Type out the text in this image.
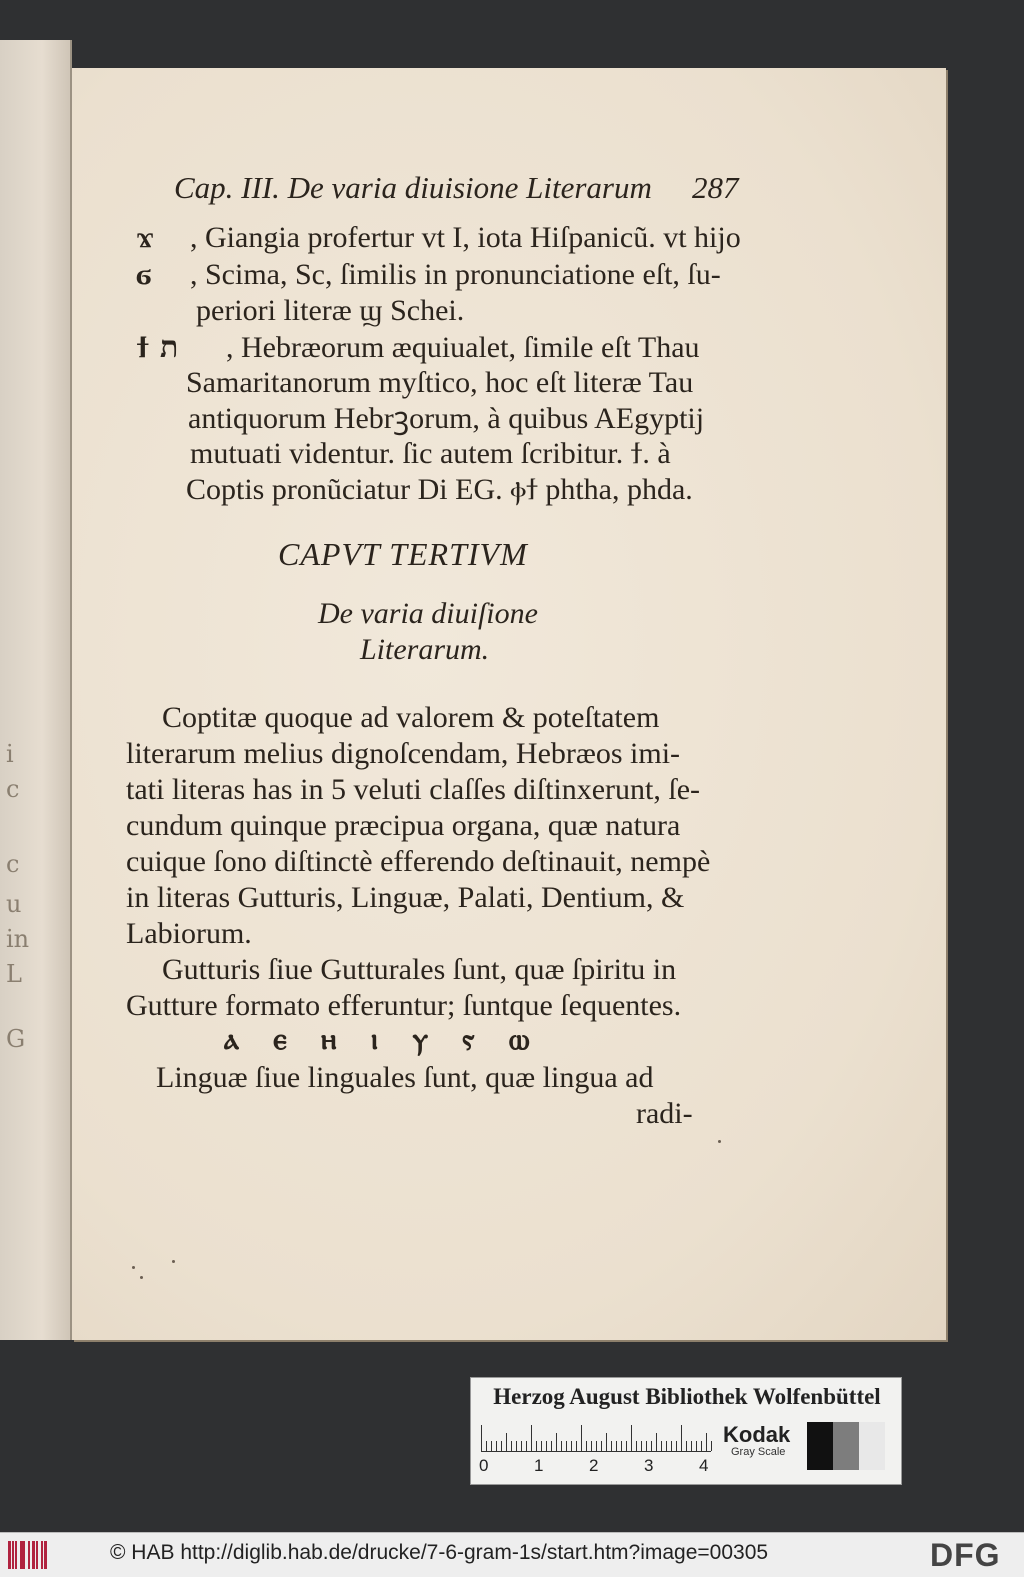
i
c
c
u
in
L
G
Cap. III. De varia diuisione Literarum 287
ϫ , Giangia profertur vt I, iota Hiſpanicũ. vt hijo
ϭ , Scima, Sc, ſimilis in pronunciatione eſt, ſu-
periori literæ ϣ Schei.
ϯ ת , Hebræorum æquiualet, ſimile eſt Thau
Samaritanorum myſtico, hoc eſt literæ Tau
antiquorum Hebrꝫorum, à quibus AEgyptij
mutuati videntur. ſic autem ſcribitur. ϯ. à
Coptis pronũciatur Di EG. ⲫϯ phtha, phda.
CAPVT TERTIVM
De varia diuiſione
Literarum.
Coptitæ quoque ad valorem & poteſtatem
literarum melius dignoſcendam, Hebræos imi-
tati literas has in 5 veluti claſſes diſtinxerunt, ſe-
cundum quinque præcipua organa, quæ natura
cuique ſono diſtinctè efferendo deſtinauit, nempè
in literas Gutturis, Linguæ, Palati, Dentium, &
Labiorum.
Gutturis ſiue Gutturales ſunt, quæ ſpiritu in
Gutture formato efferuntur; ſuntque ſequentes.
ⲁ ⲉ ⲏ ⲓ ⲩ ⲋ ⲱ
Linguæ ſiue linguales ſunt, quæ lingua ad
radi-
Herzog August Bibliothek Wolfenbüttel
0	1	2	3	4
Kodak
Gray Scale
© HAB http://diglib.hab.de/drucke/7-6-gram-1s/start.htm?image=00305	DFG
